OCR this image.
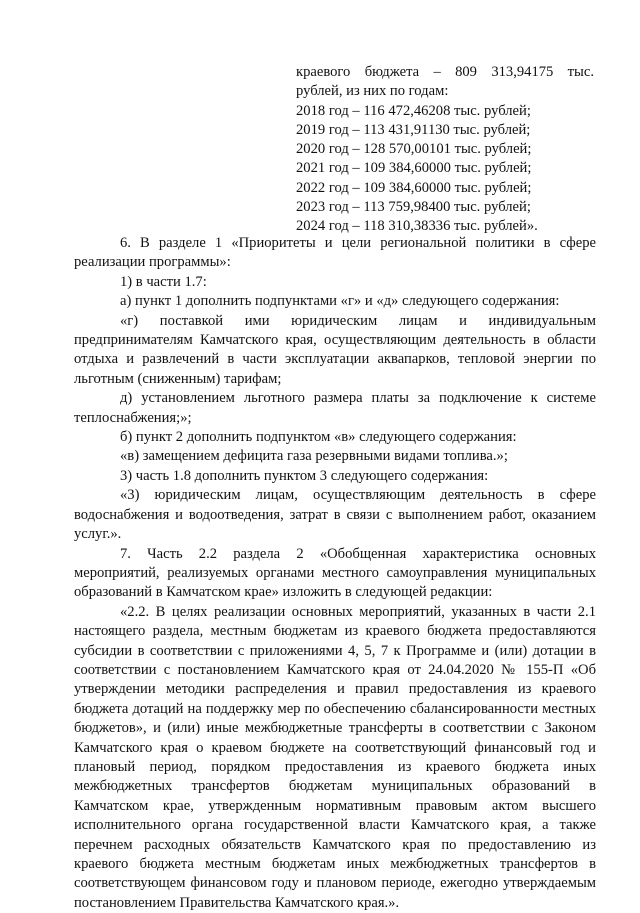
краевого бюджета – 809 313,94175 тыс.
рублей, из них по годам:
2018 год – 116 472,46208 тыс. рублей;
2019 год – 113 431,91130 тыс. рублей;
2020 год – 128 570,00101 тыс. рублей;
2021 год – 109 384,60000 тыс. рублей;
2022 год – 109 384,60000 тыс. рублей;
2023 год – 113 759,98400 тыс. рублей;
2024 год – 118 310,38336 тыс. рублей».

6. В разделе 1 «Приоритеты и цели региональной политики в сфере реализации программы»:

1) в части 1.7:

а) пункт 1 дополнить подпунктами «г» и «д» следующего содержания:

«г) поставкой ими юридическим лицам и индивидуальным предпринимателям Камчатского края, осуществляющим деятельность в области отдыха и развлечений в части эксплуатации аквапарков, тепловой энергии по льготным (сниженным) тарифам;

д) установлением льготного размера платы за подключение к системе теплоснабжения;»;

б) пункт 2 дополнить подпунктом «в» следующего содержания:

«в) замещением дефицита газа резервными видами топлива.»;

3) часть 1.8 дополнить пунктом 3 следующего содержания:

«3) юридическим лицам, осуществляющим деятельность в сфере водоснабжения и водоотведения, затрат в связи с выполнением работ, оказанием услуг.».

7. Часть 2.2 раздела 2 «Обобщенная характеристика основных мероприятий, реализуемых органами местного самоуправления муниципальных образований в Камчатском крае» изложить в следующей редакции:

«2.2. В целях реализации основных мероприятий, указанных в части 2.1 настоящего раздела, местным бюджетам из краевого бюджета предоставляются субсидии в соответствии с приложениями 4, 5, 7 к Программе и (или) дотации в соответствии с постановлением Камчатского края от 24.04.2020 № 155-П «Об утверждении методики распределения и правил предоставления из краевого бюджета дотаций на поддержку мер по обеспечению сбалансированности местных бюджетов», и (или) иные межбюджетные трансферты в соответствии с Законом Камчатского края о краевом бюджете на соответствующий финансовый год и плановый период, порядком предоставления из краевого бюджета иных межбюджетных трансфертов бюджетам муниципальных образований в Камчатском крае, утвержденным нормативным правовым актом высшего исполнительного органа государственной власти Камчатского края, а также перечнем расходных обязательств Камчатского края по предоставлению из краевого бюджета местным бюджетам иных межбюджетных трансфертов в соответствующем финансовом году и плановом периоде, ежегодно утверждаемым постановлением Правительства Камчатского края.».
